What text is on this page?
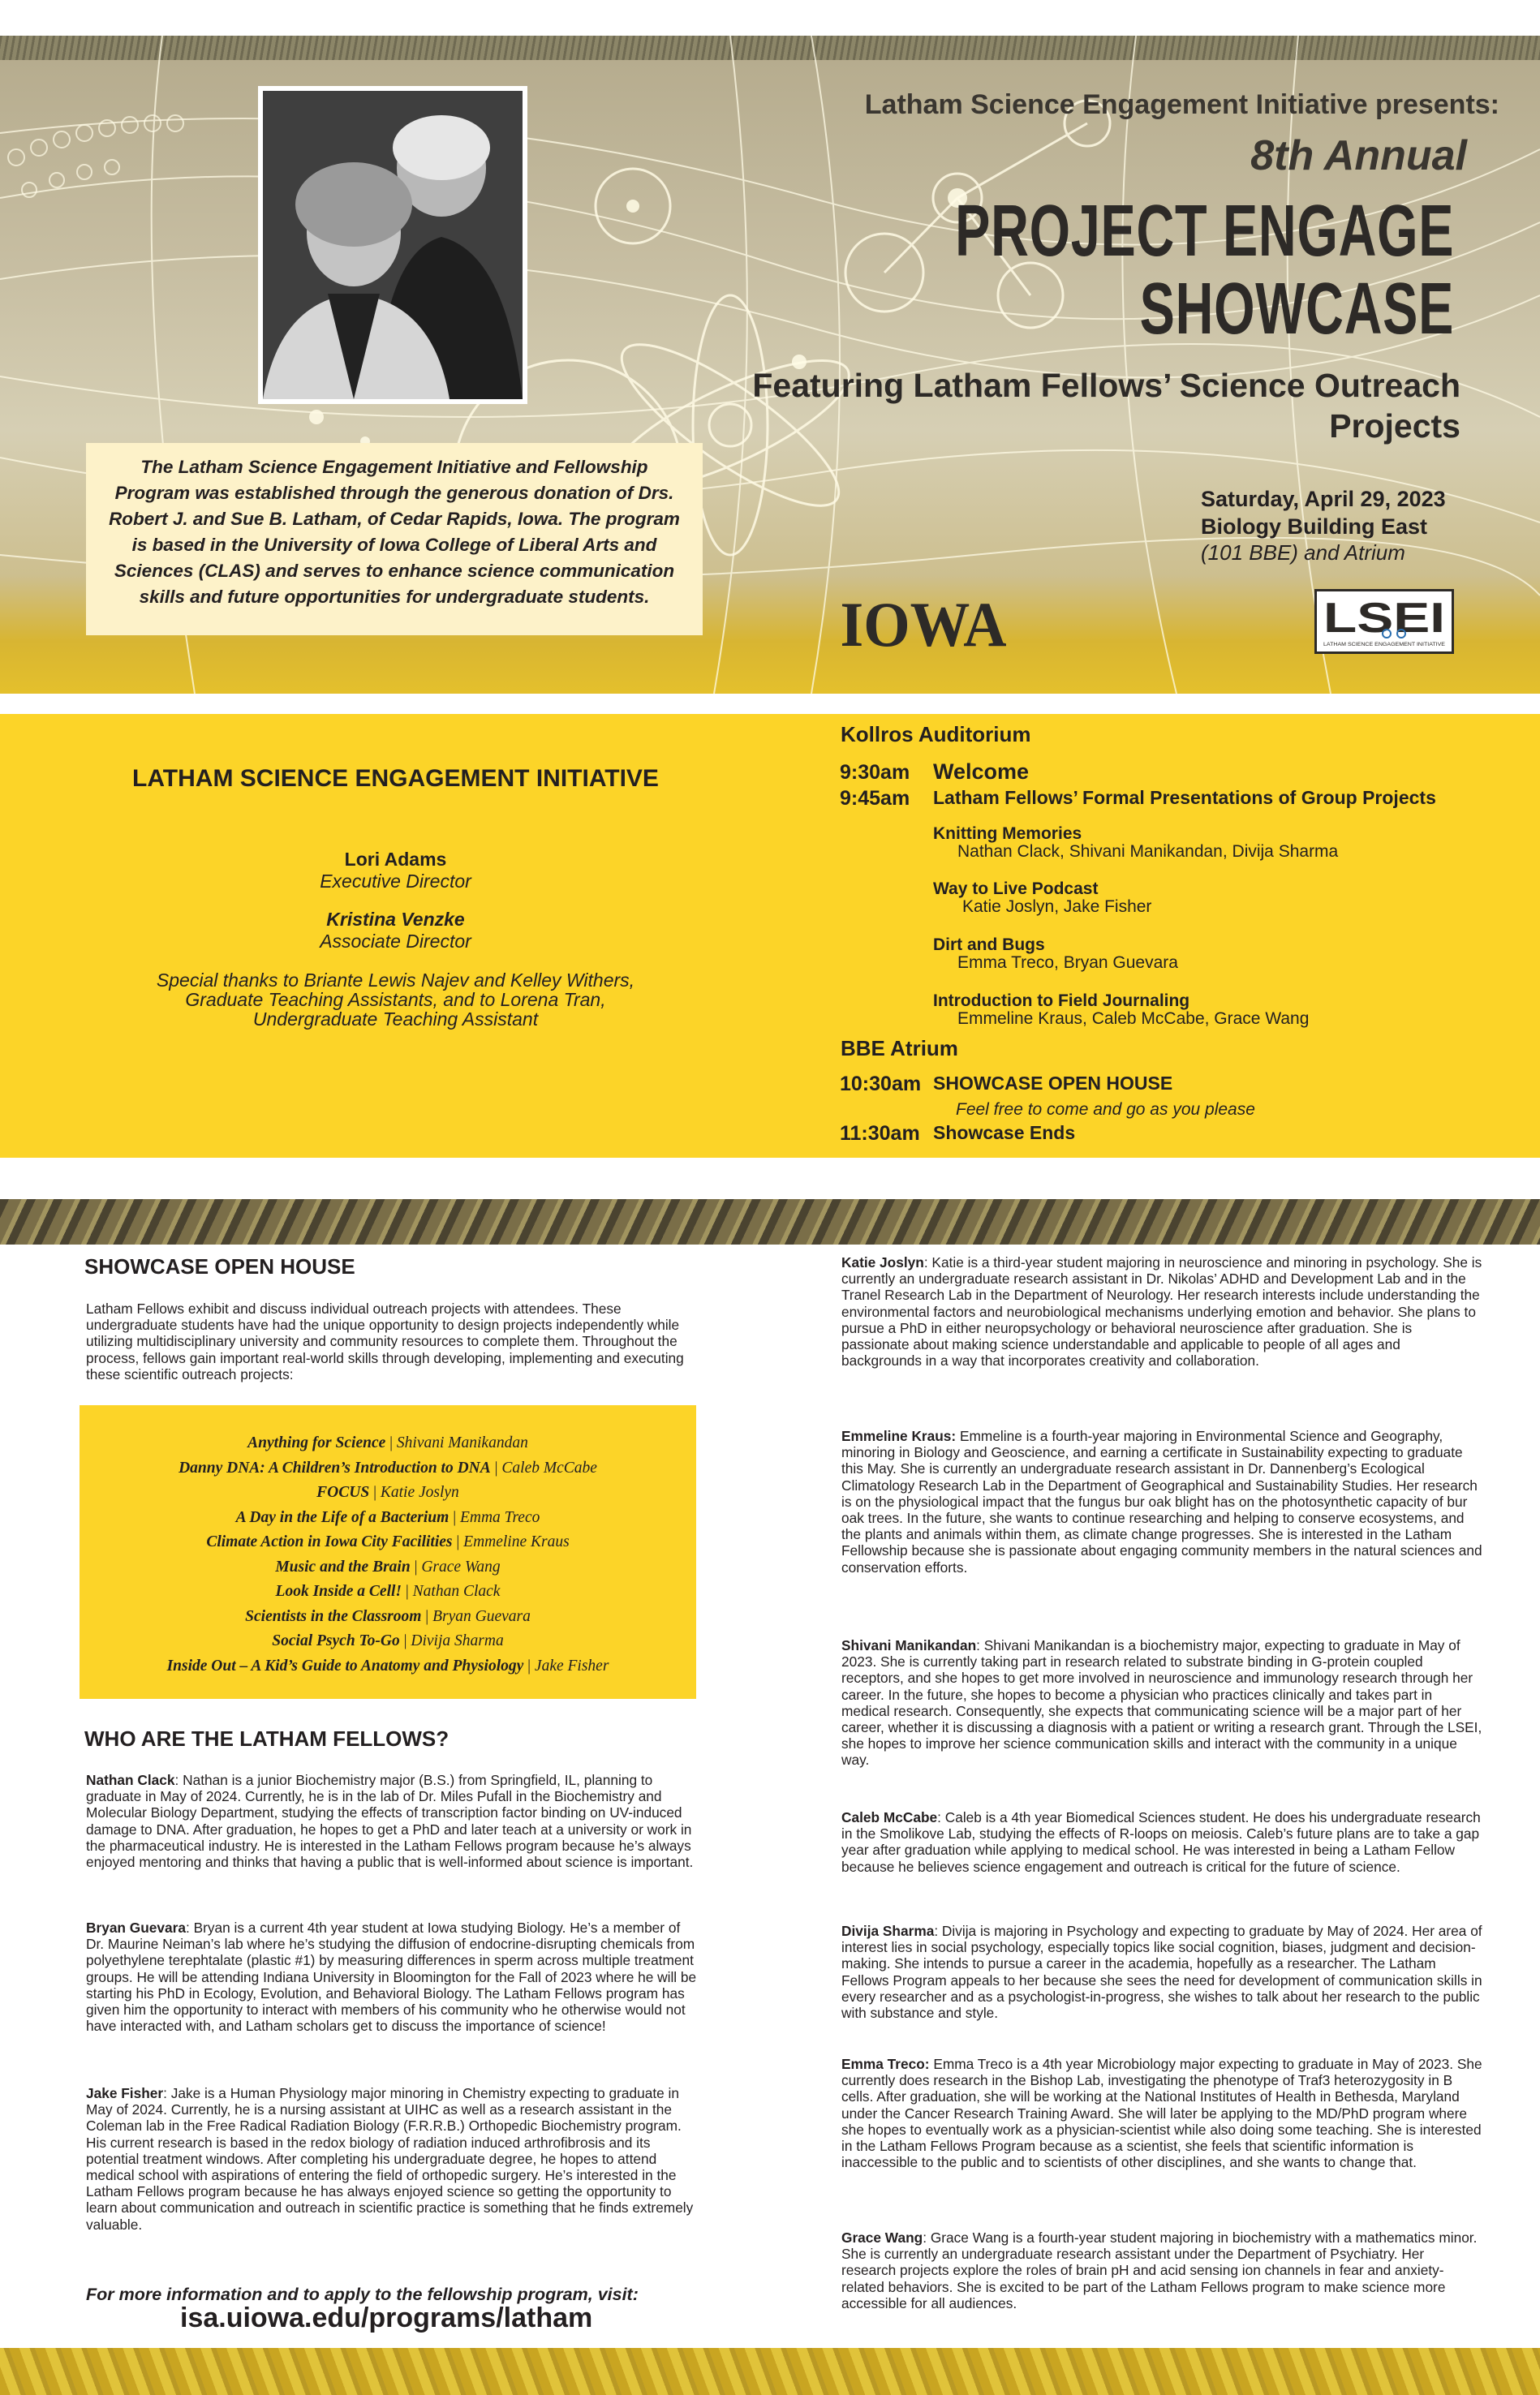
The Latham Science Engagement Initiative and Fellowship Program was established through the generous donation of Drs. Robert J. and Sue B. Latham, of Cedar Rapids, Iowa. The program is based in the University of Iowa College of Liberal Arts and Sciences (CLAS) and serves to enhance science communication skills and future opportunities for undergraduate students.
Latham Science Engagement Initiative presents:
8th Annual
PROJECT ENGAGE
SHOWCASE
Featuring Latham Fellows’ Science Outreach Projects
Saturday, April 29, 2023
Biology Building East
(101 BBE) and Atrium
IOWA	LSEI
LATHAM SCIENCE ENGAGEMENT INITIATIVE
LATHAM SCIENCE ENGAGEMENT INITIATIVE
Lori Adams
Executive Director
Kristina Venzke
Associate Director
Special thanks to Briante Lewis Najev and Kelley Withers, Graduate Teaching Assistants, and to Lorena Tran, Undergraduate Teaching Assistant
Kollros Auditorium
9:30am Welcome
9:45am Latham Fellows’ Formal Presentations of Group Projects
Knitting Memories
Nathan Clack, Shivani Manikandan, Divija Sharma
Way to Live Podcast
Katie Joslyn, Jake Fisher
Dirt and Bugs
Emma Treco, Bryan Guevara
Introduction to Field Journaling
Emmeline Kraus, Caleb McCabe, Grace Wang
BBE Atrium
10:30am SHOWCASE OPEN HOUSE
Feel free to come and go as you please
11:30am Showcase Ends
SHOWCASE OPEN HOUSE
Latham Fellows exhibit and discuss individual outreach projects with attendees. These undergraduate students have had the unique opportunity to design projects independently while utilizing multidisciplinary university and community resources to complete them. Throughout the process, fellows gain important real-world skills through developing, implementing and executing these scientific outreach projects:
Anything for Science | Shivani Manikandan
Danny DNA: A Children’s Introduction to DNA | Caleb McCabe
FOCUS | Katie Joslyn
A Day in the Life of a Bacterium | Emma Treco
Climate Action in Iowa City Facilities | Emmeline Kraus
Music and the Brain | Grace Wang
Look Inside a Cell! | Nathan Clack
Scientists in the Classroom | Bryan Guevara
Social Psych To-Go | Divija Sharma
Inside Out – A Kid’s Guide to Anatomy and Physiology | Jake Fisher
WHO ARE THE LATHAM FELLOWS?
Nathan Clack: Nathan is a junior Biochemistry major (B.S.) from Springfield, IL, planning to graduate in May of 2024. Currently, he is in the lab of Dr. Miles Pufall in the Biochemistry and Molecular Biology Department, studying the effects of transcription factor binding on UV-induced damage to DNA. After graduation, he hopes to get a PhD and later teach at a university or work in the pharmaceutical industry. He is interested in the Latham Fellows program because he’s always enjoyed mentoring and thinks that having a public that is well-informed about science is important.
Bryan Guevara: Bryan is a current 4th year student at Iowa studying Biology. He’s a member of Dr. Maurine Neiman’s lab where he’s studying the diffusion of endocrine-disrupting chemicals from polyethylene terephtalate (plastic #1) by measuring differences in sperm across multiple treatment groups. He will be attending Indiana University in Bloomington for the Fall of 2023 where he will be starting his PhD in Ecology, Evolution, and Behavioral Biology. The Latham Fellows program has given him the opportunity to interact with members of his community who he otherwise would not have interacted with, and Latham scholars get to discuss the importance of science!
Jake Fisher: Jake is a Human Physiology major minoring in Chemistry expecting to graduate in May of 2024. Currently, he is a nursing assistant at UIHC as well as a research assistant in the Coleman lab in the Free Radical Radiation Biology (F.R.R.B.) Orthopedic Biochemistry program. His current research is based in the redox biology of radiation induced arthrofibrosis and its potential treatment windows. After completing his undergraduate degree, he hopes to attend medical school with aspirations of entering the field of orthopedic surgery. He’s interested in the Latham Fellows program because he has always enjoyed science so getting the opportunity to learn about communication and outreach in scientific practice is something that he finds extremely valuable.
Katie Joslyn: Katie is a third-year student majoring in neuroscience and minoring in psychology. She is currently an undergraduate research assistant in Dr. Nikolas’ ADHD and Development Lab and in the Tranel Research Lab in the Department of Neurology. Her research interests include understanding the environmental factors and neurobiological mechanisms underlying emotion and behavior. She plans to pursue a PhD in either neuropsychology or behavioral neuroscience after graduation. She is passionate about making science understandable and applicable to people of all ages and backgrounds in a way that incorporates creativity and collaboration.
Emmeline Kraus: Emmeline is a fourth-year majoring in Environmental Science and Geography, minoring in Biology and Geoscience, and earning a certificate in Sustainability expecting to graduate this May. She is currently an undergraduate research assistant in Dr. Dannenberg’s Ecological Climatology Research Lab in the Department of Geographical and Sustainability Studies. Her research is on the physiological impact that the fungus bur oak blight has on the photosynthetic capacity of bur oak trees. In the future, she wants to continue researching and helping to conserve ecosystems, and the plants and animals within them, as climate change progresses. She is interested in the Latham Fellowship because she is passionate about engaging community members in the natural sciences and conservation efforts.
Shivani Manikandan: Shivani Manikandan is a biochemistry major, expecting to graduate in May of 2023. She is currently taking part in research related to substrate binding in G-protein coupled receptors, and she hopes to get more involved in neuroscience and immunology research through her career. In the future, she hopes to become a physician who practices clinically and takes part in medical research. Consequently, she expects that communicating science will be a major part of her career, whether it is discussing a diagnosis with a patient or writing a research grant. Through the LSEI, she hopes to improve her science communication skills and interact with the community in a unique way.
Caleb McCabe: Caleb is a 4th year Biomedical Sciences student. He does his undergraduate research in the Smolikove Lab, studying the effects of R-loops on meiosis. Caleb’s future plans are to take a gap year after graduation while applying to medical school. He was interested in being a Latham Fellow because he believes science engagement and outreach is critical for the future of science.
Divija Sharma: Divija is majoring in Psychology and expecting to graduate by May of 2024. Her area of interest lies in social psychology, especially topics like social cognition, biases, judgment and decision-making. She intends to pursue a career in the academia, hopefully as a researcher. The Latham Fellows Program appeals to her because she sees the need for development of communication skills in every researcher and as a psychologist-in-progress, she wishes to talk about her research to the public with substance and style.
Emma Treco: Emma Treco is a 4th year Microbiology major expecting to graduate in May of 2023. She currently does research in the Bishop Lab, investigating the phenotype of Traf3 heterozygosity in B cells. After graduation, she will be working at the National Institutes of Health in Bethesda, Maryland under the Cancer Research Training Award. She will later be applying to the MD/PhD program where she hopes to eventually work as a physician-scientist while also doing some teaching. She is interested in the Latham Fellows Program because as a scientist, she feels that scientific information is inaccessible to the public and to scientists of other disciplines, and she wants to change that.
Grace Wang: Grace Wang is a fourth-year student majoring in biochemistry with a mathematics minor. She is currently an undergraduate research assistant under the Department of Psychiatry. Her research projects explore the roles of brain pH and acid sensing ion channels in fear and anxiety-related behaviors. She is excited to be part of the Latham Fellows program to make science more accessible for all audiences.
For more information and to apply to the fellowship program, visit:
isa.uiowa.edu/programs/latham
